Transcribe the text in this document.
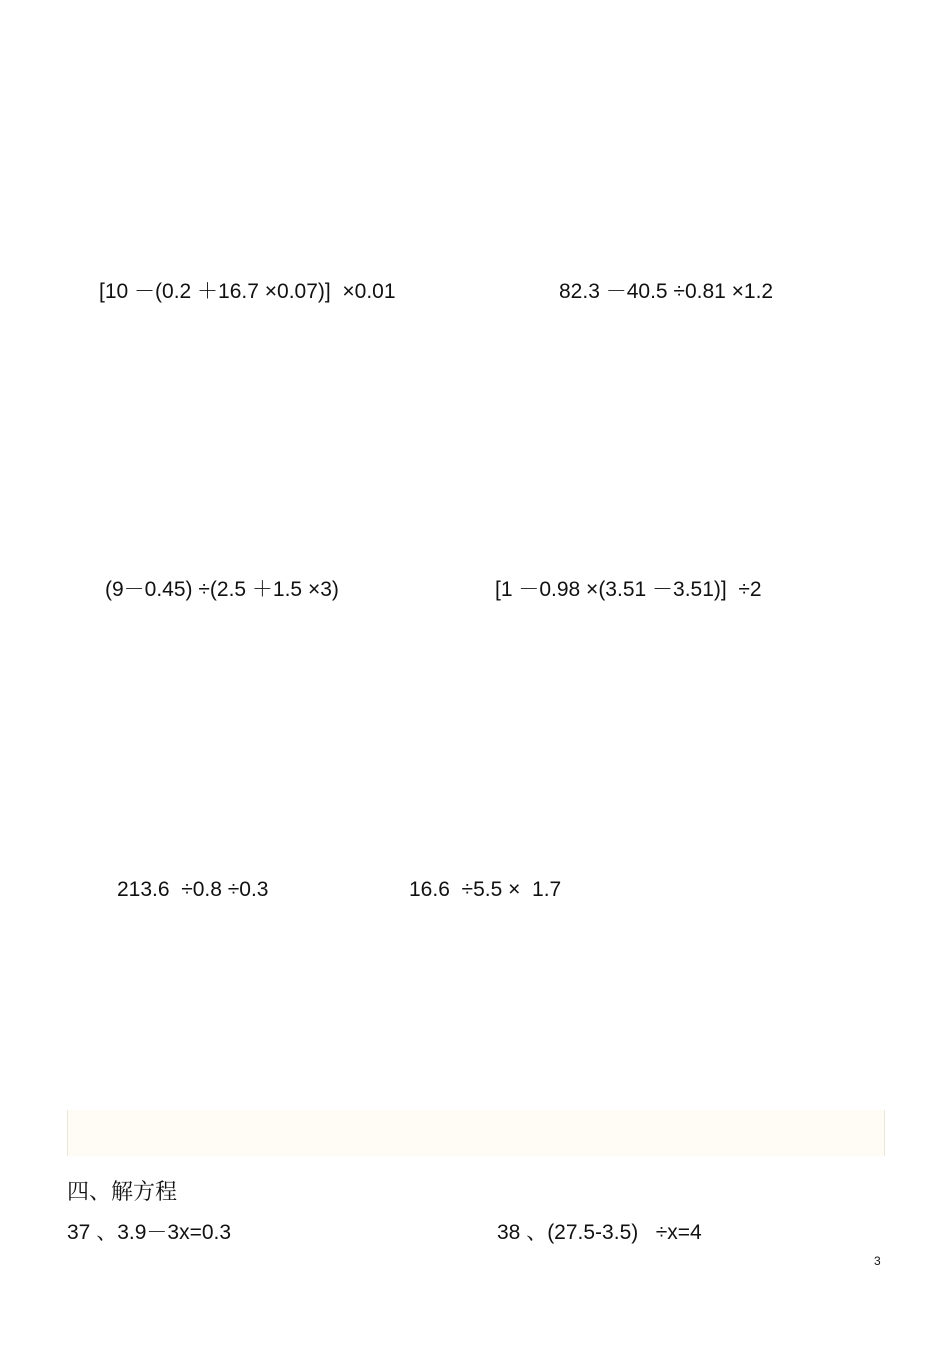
[10 －(0.2 ＋16.7 ×0.07)]  ×0.01	82.3 －40.5 ÷0.81 ×1.2
(9－0.45) ÷(2.5 ＋1.5 ×3)	[1 －0.98 ×(3.51 －3.51)]  ÷2
213.6  ÷0.8 ÷0.3	16.6  ÷5.5 ×  1.7
四、解方程
37 、3.9－3x=0.3	38 、(27.5-3.5)   ÷x=4
3
